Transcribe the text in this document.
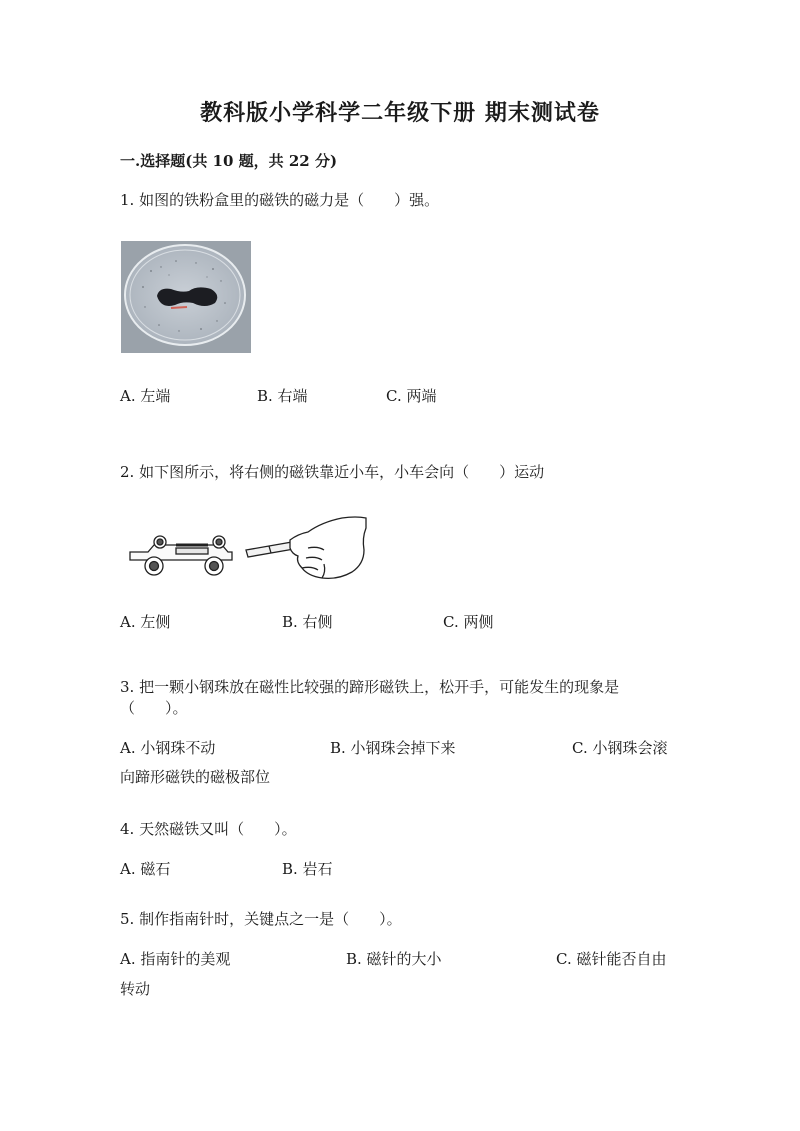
教科版小学科学二年级下册 期末测试卷
一.选择题(共 10 题，共 22 分)
1. 如图的铁粉盒里的磁铁的磁力是（　　）强。
A. 左端	B. 右端	C. 两端
2. 如下图所示，将右侧的磁铁靠近小车，小车会向（　　）运动
A. 左侧	B. 右侧	C. 两侧
3. 把一颗小钢珠放在磁性比较强的蹄形磁铁上，松开手，可能发生的现象是
（　　）。
A. 小钢珠不动	B. 小钢珠会掉下来	C. 小钢珠会滚
向蹄形磁铁的磁极部位
4. 天然磁铁又叫（　　）。
A. 磁石	B. 岩石
5. 制作指南针时，关键点之一是（　　）。
A. 指南针的美观	B. 磁针的大小	C. 磁针能否自由
转动
